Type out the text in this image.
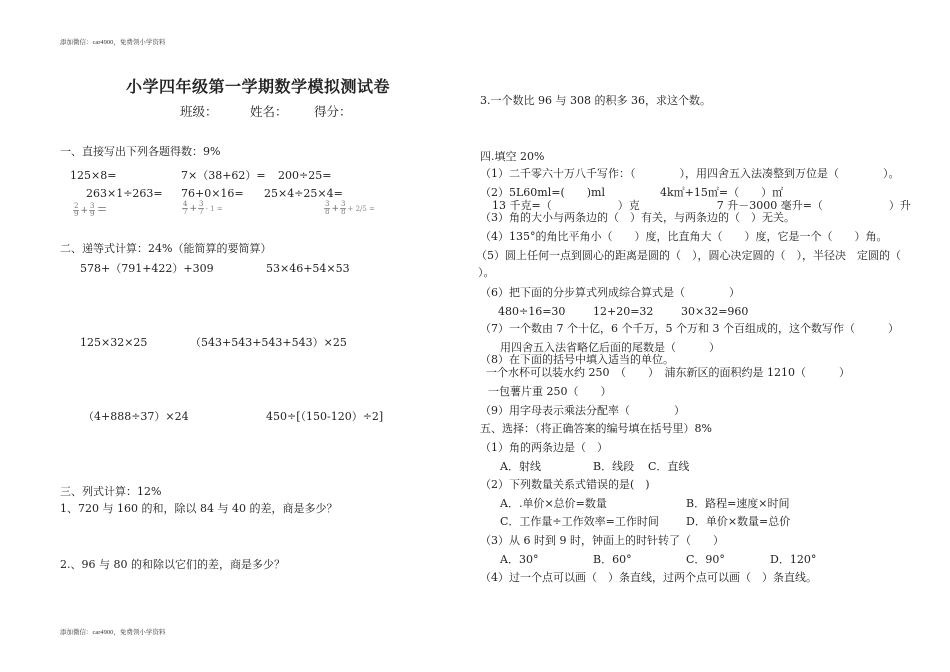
添加微信：car4900，免费领小学资料
添加微信：car4900，免费领小学资料
小学四年级第一学期数学模拟测试卷
班级：	姓名： 得分：
一、直接写出下列各题得数：9%
125×8=	7×（38+62）= 200÷25=
263×1÷263= 76+0×16= 25×4÷25×4=
$\frac{2}{9} + \frac{3}{9}$ ＝	$\frac{4}{7} + \frac{3}{7} - 1$ =	$\frac{3}{8} + \frac{3}{8} + 2/5$ =
二、递等式计算：24%（能简算的要简算）
578+（791+422）+309	53×46+54×53
125×32×25	（543+543+543+543）×25
（4+888÷37）×24	450÷[（150-120）÷2]
三、列式计算：12%
1、720 与 160 的和，除以 84 与 40 的差，商是多少？
2.、96 与 80 的和除以它们的差，商是多少？
3.一个数比 96 与 308 的积多 36，求这个数。
四.填空 20%
（1）二千零六十万八千写作：（　　　　），用四舍五入法凑整到万位是（　　　　）。
（2）5L60ml=(　　)ml　　　　　4k㎡+15㎡=（　　）㎡
13 千克=（　　　　　　）克　　　　　　　7 升－3000 毫升=（　　　　　　）升
（3）角的大小与两条边的（　）有关，与两条边的（　）无关。
（4）135°的角比平角小（　　）度，比直角大（　　）度，它是一个（　　）角。
（5）圆上任何一点到圆心的距离是圆的（　），圆心决定圆的（　），半径决　定圆的（　
）。
（6）把下面的分步算式列成综合算式是（　　　　）
480÷16=30	12+20=32	30×32=960
（7）一个数由 7 个十亿，6 个千万，5 个万和 3 个百组成的，这个数写作（　　　）
用四舍五入法省略亿后面的尾数是（　　　）
（8）在下面的括号中填入适当的单位。
一个水杯可以装水约 250　（　　）　浦东新区的面积约是 1210（　　　）
一包薯片重 250（　　）
（9）用字母表示乘法分配率（　　　　）
五、选择：（将正确答案的编号填在括号里）8%
（1）角的两条边是（　）
A．射线	B．线段 C．直线
（2）下列数量关系式错误的是(　)
A．.单价×总价=数量	B．路程=速度×时间
C．工作量÷工作效率=工作时间 D．单价×数量=总价
（3）从 6 时到 9 时，钟面上的时针转了（　　）
A．30°	B．60°	C．90°	D．120°
（4）过一个点可以画（　）条直线，过两个点可以画（　）条直线。
